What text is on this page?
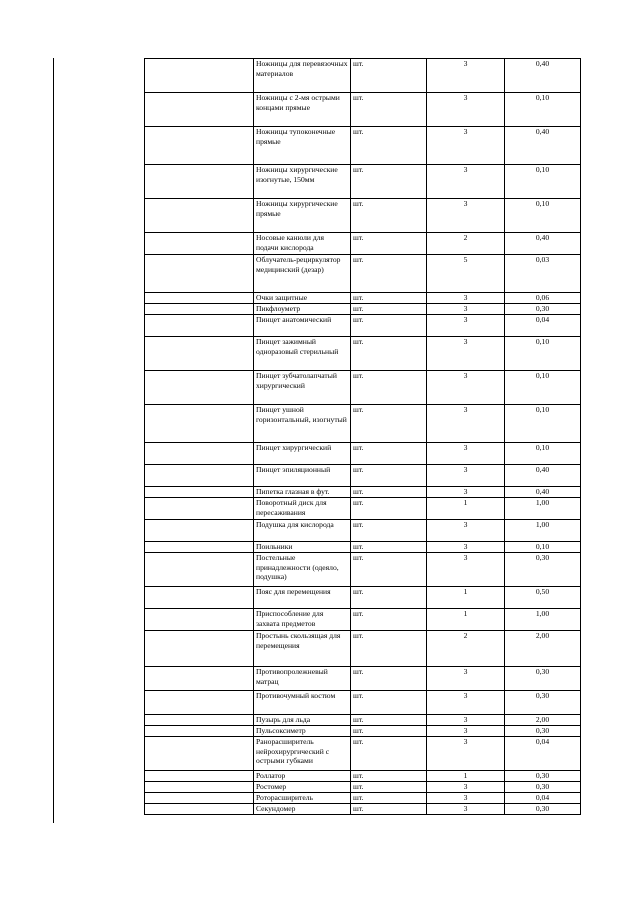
	Ножницы для перевязочных материалов	шт.	3	0,40
	Ножницы с 2-мя острыми концами прямые	шт.	3	0,10
	Ножницы тупоконечные прямые	шт.	3	0,40
	Ножницы хирургические изогнутые, 150мм	шт.	3	0,10
	Ножницы хирургические прямые	шт.	3	0,10
	Носовые канюли для подачи кислорода	шт.	2	0,40
	Облучатель-рециркулятор медицинский (дезар)	шт.	5	0,03
	Очки защитные	шт.	3	0,06
	Пикфлоуметр	шт.	3	0,30
	Пинцет анатомический	шт.	3	0,04
	Пинцет зажимный одноразовый стерильный	шт.	3	0,10
	Пинцет зубчатолапчатый хирургический	шт.	3	0,10
	Пинцет ушной горизонтальный, изогнутый	шт.	3	0,10
	Пинцет хирургический	шт.	3	0,10
	Пинцет эпиляционный	шт.	3	0,40
	Пипетка глазная в фут.	шт.	3	0,40
	Поворотный диск для пересаживания	шт.	1	1,00
	Подушка для кислорода	шт.	3	1,00
	Поильники	шт.	3	0,10
	Постельные принадлежности (одеяло, подушка)	шт.	3	0,30
	Пояс для перемещения	шт.	1	0,50
	Приспособление для захвата предметов	шт.	1	1,00
	Простынь скользящая для перемещения	шт.	2	2,00
	Противопролежневый матрац	шт.	3	0,30
	Противочумный костюм	шт.	3	0,30
	Пузырь для льда	шт.	3	2,00
	Пульсоксиметр	шт.	3	0,30
	Ранорасширитель нейрохирургический с острыми губками	шт.	3	0,04
	Роллатор	шт.	1	0,30
	Ростомер	шт.	3	0,30
	Роторасширитель	шт.	3	0,04
	Секундомер	шт.	3	0,30
